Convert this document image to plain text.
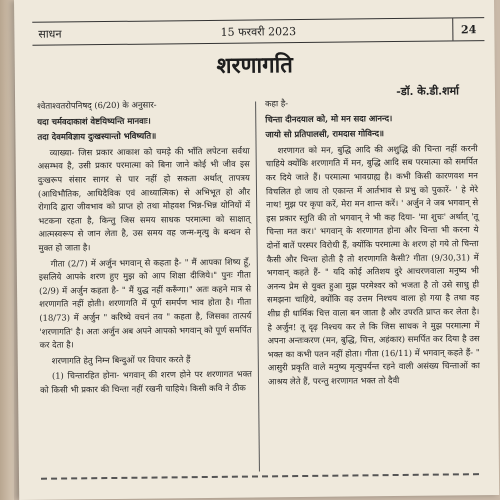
साधन	15 फरवरी 2023	24
शरणागति
-डॉ. के.डी.शर्मा

श्वेताश्वतरोपनिषद् (6/20) के अनुसार-

यदा चर्मवदाकाशं वेष्टयिष्यन्ति मानवाः।

तदा देवमविज्ञाय दुःखस्यान्तो भविष्यति॥

व्याख्या- जिस प्रकार आकाश को चमड़े की भाँति लपेटना सर्वथा असम्भव है, उसी प्रकार परमात्मा को बिना जाने कोई भी जीव इस दुःखरूप संसार सागर से पार नहीं हो सकता अर्थात् तापत्रय (आधिभौतिक, आधिदैविक एवं आध्यात्मिक) से अभिभूत हो और रोगादि द्वारा जीवभाव को प्राप्त हो तथा मोहवश भिन्न-भिन्न योनियों में भटकना रहता है, किन्तु जिस समय साधक परमात्मा को साक्षात् आत्मस्वरूप से जान लेता है, उस समय वह जन्म-मृत्यु के बन्धन से मुक्त हो जाता है।

गीता (2/7) में अर्जुन भगवान् से कहता है- " मैं आपका शिष्य हूँ, इसलिये आपके शरण हुए मुझ को आप शिक्षा दीजिये।" पुनः गीता (2/9) में अर्जुन कहता है- " मैं युद्ध नहीं करूँगा।" अतः कहने मात्र से शरणागति नहीं होती। शरणागति में पूर्ण समर्पण भाव होता है। गीता (18/73) में अर्जुन " करिष्ये वचनं तव " कहता है, जिसका तात्पर्य 'शरणागति' है। अतः अर्जुन अब अपने आपको भगवान् को पूर्ण समर्पित कर देता है।

शरणागति हेतु निम्न बिन्दुओं पर विचार करते हैं

(1) चिन्तारहित होना- भगवान् की शरण होने पर शरणागत भक्त को किसी भी प्रकार की चिन्ता नहीं रखनी चाहिये। किसी कवि ने ठीक

कहा है-

चिन्ता दीनदयाल को, मो मन सदा आनन्द।

जायो सो प्रतिपालसी, रामदास गोविन्द॥

शरणागत को मन, बुद्धि आदि की अशुद्धि की चिन्ता नहीं करनी चाहिये क्योंकि शरणागति में मन, बुद्धि आदि सब परमात्मा को समर्पित कर दिये जाते हैं। परमात्मा भावग्राह्य है। कभी किसी कारणवश मन विचलित हो जाय तो एकान्त में आर्तभाव से प्रभु को पुकारें- ' हे मेरे नाथ! मुझ पर कृपा करें, मेरा मन शान्त करें। ' अर्जुन ने जब भगवान् से इस प्रकार स्तुति की तो भगवान् ने भी कह दिया- 'मा शुचः' अर्थात् 'तू चिन्ता मत कर।' भगवान् के शरणागत होना और चिन्ता भी करना ये दोनों बातें परस्पर विरोधी हैं, क्योंकि परमात्मा के शरण हो गये तो चिन्ता कैसी और चिन्ता होती है तो शरणागति कैसी? गीता (9/30,31) में भगवान् कहते हैं- " यदि कोई अतिशय दुरे आचरणवाला मनुष्य भी अनन्य प्रेम से युक्त हुआ मुझ परमेश्वर को भजता है तो उसे साधु ही समझना चाहिये, क्योंकि वह उत्तम निश्चय वाला हो गया है तथा वह शीघ्र ही धार्मिक चित्त वाला बन जाता है और उपरति प्राप्त कर लेता है। हे अर्जुन! तू दृढ़ निश्चय कर ले कि जिस साधक ने मुझ परमात्मा में अपना अन्तःकरण (मन, बुद्धि, चित्त, अहंकार) समर्पित कर दिया है उस भक्त का कभी पतन नहीं होता। गीता (16/11) में भगवान् कहते हैं- " आसुरी प्रकृति वाले मनुष्य मृत्युपर्यन्त रहने वाली असंख्य चिन्ताओं का आश्रय लेते हैं, परन्तु शरणागत भक्त तो दैवी
